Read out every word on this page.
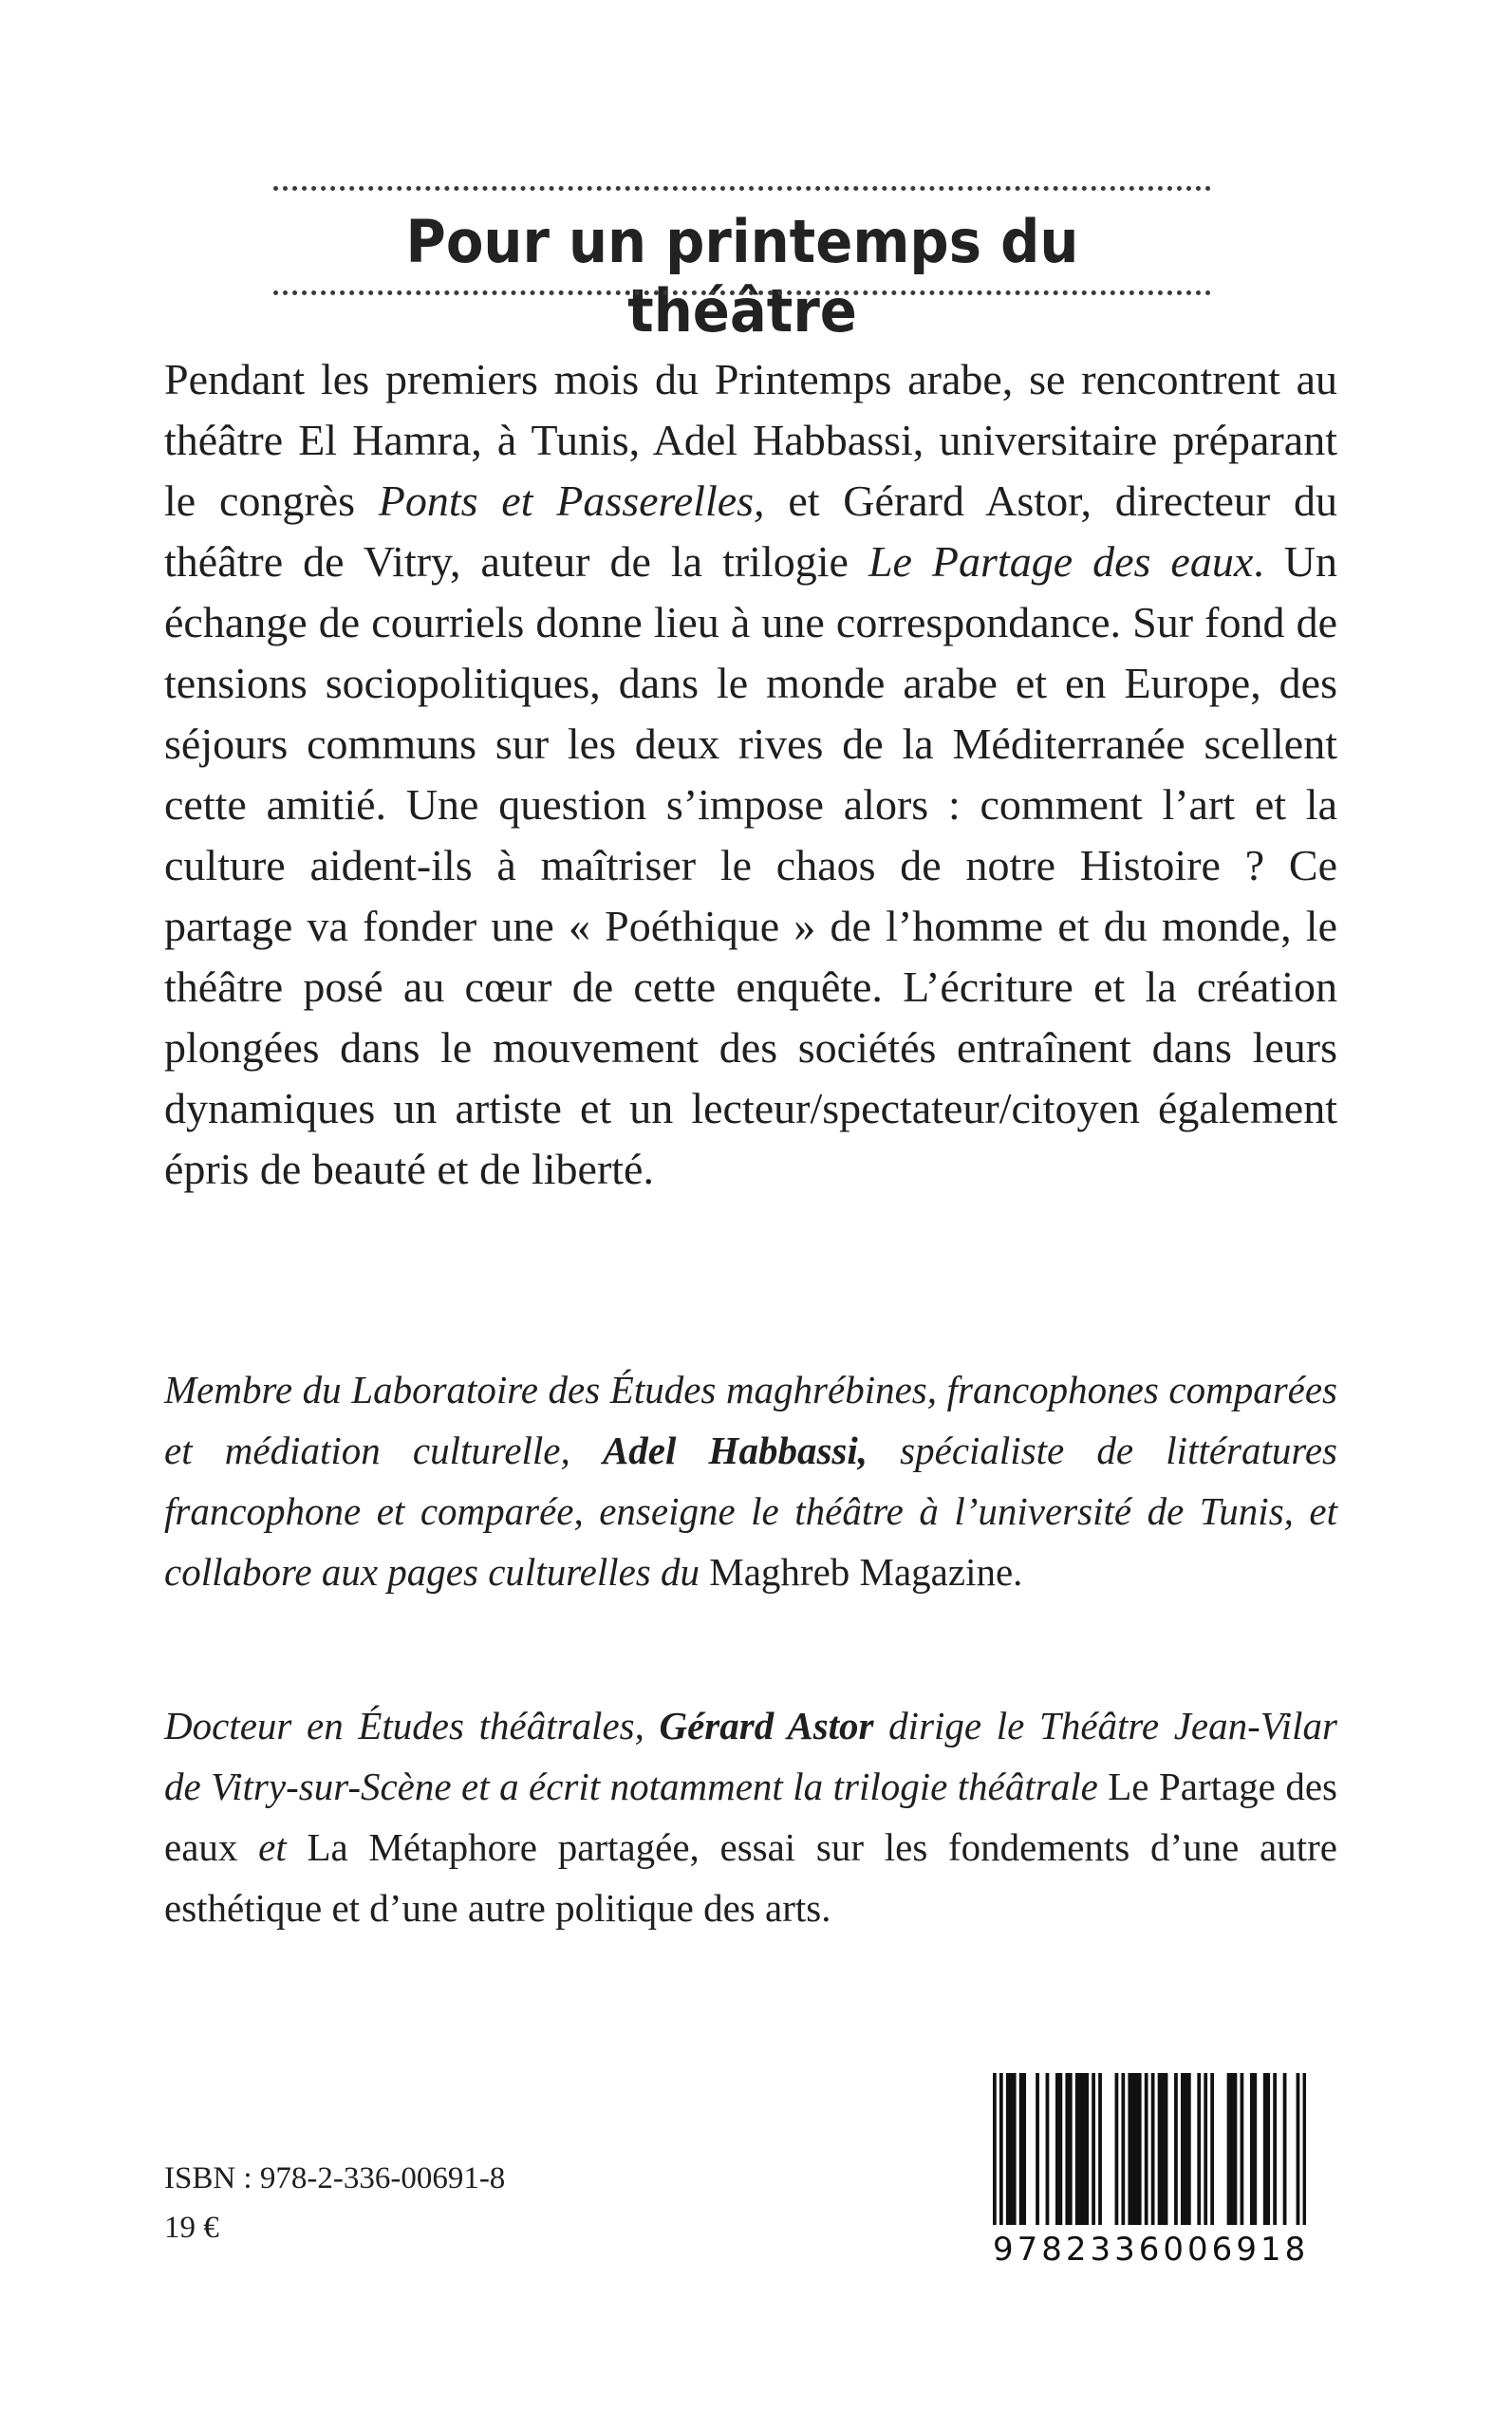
Pour un printemps du théâtre
Pendant les premiers mois du Printemps arabe, se rencontrent au théâtre El Hamra, à Tunis, Adel Habbassi, universitaire préparant le congrès Ponts et Passerelles, et Gérard Astor, directeur du théâtre de Vitry, auteur de la trilogie Le Partage des eaux. Un échange de courriels donne lieu à une correspondance. Sur fond de tensions sociopolitiques, dans le monde arabe et en Europe, des séjours communs sur les deux rives de la Méditerranée scellent cette amitié. Une question s’impose alors : comment l’art et la culture aident-ils à maîtriser le chaos de notre Histoire ? Ce partage va fonder une « Poéthique » de l’homme et du monde, le théâtre posé au cœur de cette enquête. L’écriture et la création plongées dans le mouvement des sociétés entraînent dans leurs dynamiques un artiste et un lecteur/spectateur/citoyen également épris de beauté et de liberté.
Membre du Laboratoire des Études maghrébines, francophones comparées et médiation culturelle, Adel Habbassi, spécialiste de littératures francophone et comparée, enseigne le théâtre à l’université de Tunis, et collabore aux pages culturelles du Maghreb Magazine.
Docteur en Études théâtrales, Gérard Astor dirige le Théâtre Jean-Vilar de Vitry-sur-Scène et a écrit notamment la trilogie théâtrale Le Partage des eaux et La Métaphore partagée, essai sur les fondements d’une autre esthétique et d’une autre politique des arts.
ISBN : 978-2-336-00691-8
19 €
9782336006918
